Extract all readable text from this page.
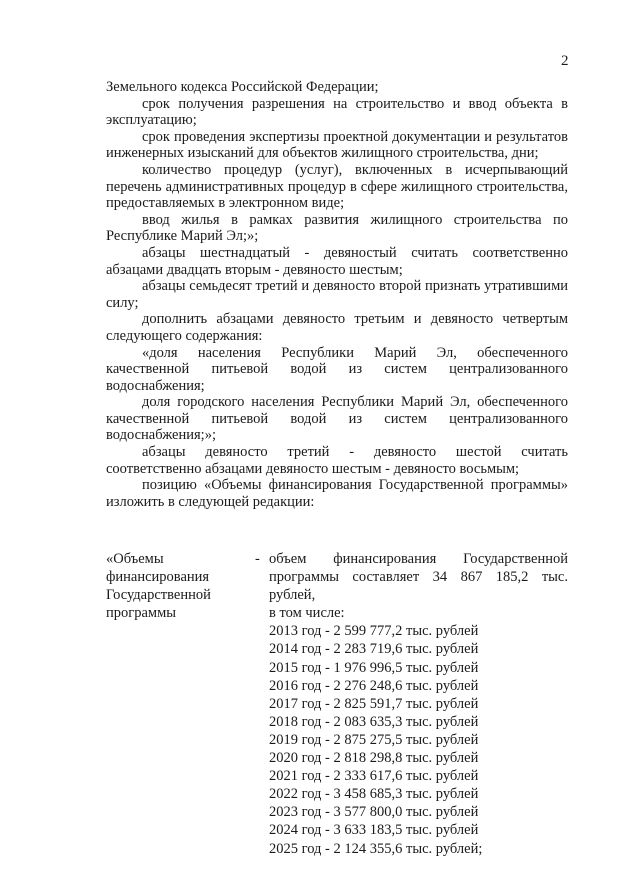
2

Земельного кодекса Российской Федерации;

срок получения разрешения на строительство и ввод объекта в эксплуатацию;

срок проведения экспертизы проектной документации и результатов инженерных изысканий для объектов жилищного строительства, дни;

количество процедур (услуг), включенных в исчерпывающий перечень административных процедур в сфере жилищного строительства, предоставляемых в электронном виде;

ввод жилья в рамках развития жилищного строительства по Республике Марий Эл;»;

абзацы шестнадцатый - девяностый считать соответственно абзацами двадцать вторым - девяносто шестым;

абзацы семьдесят третий и девяносто второй признать утратившими силу;

дополнить абзацами девяносто третьим и девяносто четвертым следующего содержания:

«доля населения Республики Марий Эл, обеспеченного качественной питьевой водой из систем централизованного водоснабжения;

доля городского населения Республики Марий Эл, обеспеченного качественной питьевой водой из систем централизованного водоснабжения;»;

абзацы девяносто третий - девяносто шестой считать соответственно абзацами девяносто шестым - девяносто восьмым;

позицию «Объемы финансирования Государственной программы» изложить в следующей редакции:

«Объемы
финансирования
Государственной
программы
- объем финансирования Государственной

программы составляет 34 867 185,2 тыс. рублей,

в том числе:

2013 год - 2 599 777,2 тыс. рублей

2014 год - 2 283 719,6 тыс. рублей

2015 год - 1 976 996,5 тыс. рублей

2016 год - 2 276 248,6 тыс. рублей

2017 год - 2 825 591,7 тыс. рублей

2018 год - 2 083 635,3 тыс. рублей

2019 год - 2 875 275,5 тыс. рублей

2020 год - 2 818 298,8 тыс. рублей

2021 год - 2 333 617,6 тыс. рублей

2022 год - 3 458 685,3 тыс. рублей

2023 год - 3 577 800,0 тыс. рублей

2024 год - 3 633 183,5 тыс. рублей

2025 год - 2 124 355,6 тыс. рублей;
